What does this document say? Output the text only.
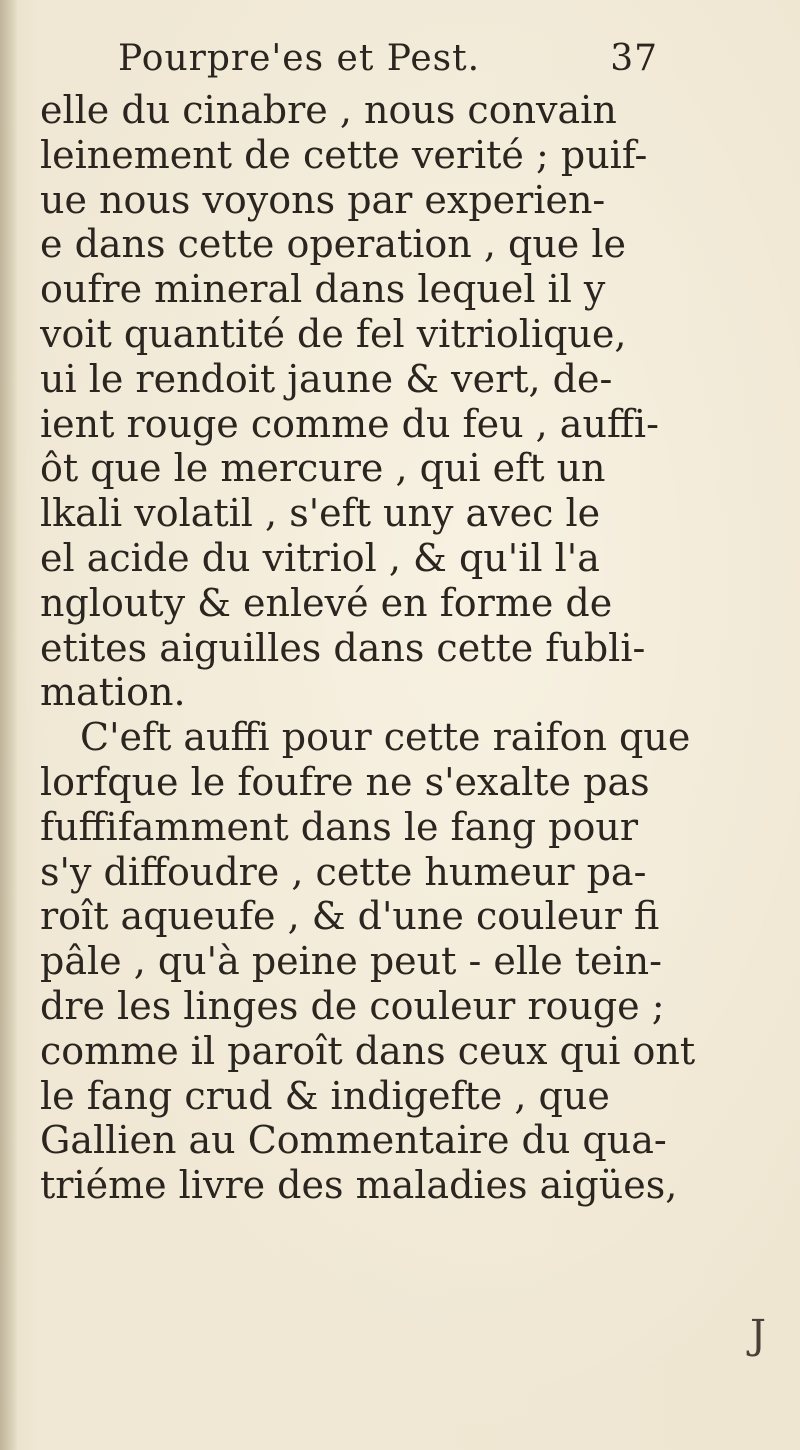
Pourpre'es et Pest.	37
elle du cinabre , nous convain
leinement de cette verité ; puif-
ue nous voyons par experien-
e dans cette operation , que le
oufre mineral dans lequel il y
voit quantité de fel vitriolique,
ui le rendoit jaune & vert, de-
ient rouge comme du feu , auffi-
ôt que le mercure , qui eft un
lkali volatil , s'eft uny avec le
el acide du vitriol , & qu'il l'a
nglouty & enlevé en forme de
etites aiguilles dans cette fubli-
mation.
C'eft auffi pour cette raifon que
lorfque le foufre ne s'exalte pas
fuffifamment dans le fang pour
s'y diffoudre , cette humeur pa-
roît aqueufe , & d'une couleur fi
pâle , qu'à peine peut - elle tein-
dre les linges de couleur rouge ;
comme il paroît dans ceux qui ont
le fang crud & indigefte , que
Gallien au Commentaire du qua-
triéme livre des maladies aigües,
J
